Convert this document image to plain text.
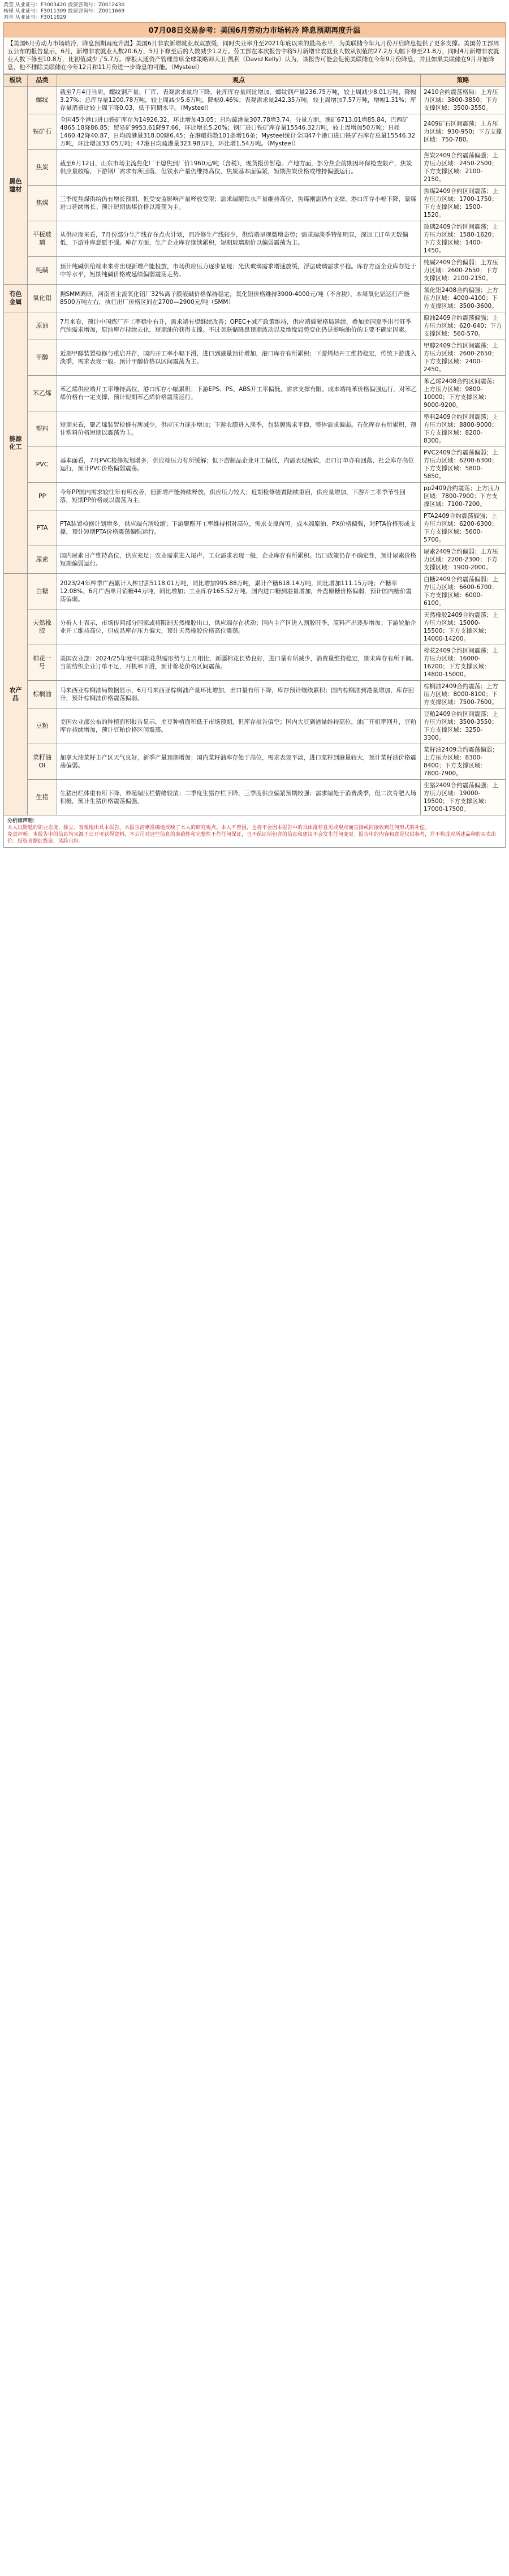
黄莹 从业证号：F3003420 投资咨询号：Z0012430
杨锋 从业证号：F3011309 投资咨询号：Z0011669
刘青 从业证号：F3011929
07月08日交易参考：美国6月劳动力市场转冷 降息预期再度升温
【美国6月劳动力市场转冷，降息预期再度升温】美国6月非农新增就业双双放缓，同时失业率升至2021年底以来的最高水平，为美联储今年九月份开启降息提供了更多支撑。美国劳工部周五公布的报告显示，6月，新增非农就业人数20.6万，5月下修至后的人数减少1.2万。劳工部在本次报告中将5月新增非农就业人数从初值的27.2万大幅下修至21.8万，同时4月新增非农就业人数下修至10.8万，比初值减少了5.7万。摩根大通资产管理首席全球策略师大卫·凯利（David Kelly）认为，该报告可能会促使美联储在今年9月份降息，并且如果美联储在9月开始降息，他不排除美联储在今年12月和11月份进一步降息的可能。（Mysteel）
板块	品类	观点	策略
黑色建材	螺纹	截至7月4日当周，螺纹钢产量、厂库、表观需求量均下降，社库库存量同比增加，螺纹钢产量236.75万吨，较上周减少8.01万吨，降幅3.27%；总库存量1200.78万吨，较上周减少5.6万吨，降幅0.46%；表观需求量242.35万吨，较上周增加7.57万吨，增幅1.31%；库存量消费比较上周下降0.03，低于同期水平。（Mysteel）	2410合约震荡格局；上方压力区域：3800-3850；下方支撑区域：3500-3550。
	铁矿石	全国45个港口进口铁矿库存为14926.32，环比增加43.05；日均疏港量307.78增3.74。分量方面，澳矿6713.01增85.84，巴西矿4865.18降86.85；贸易矿9953.61降97.66，环比增长5.20%；钢厂进口铁矿库存量15546.32万吨，较上周增加50万吨；日耗1460.42降40.87，日均疏港量318.00降6.45；在港船舶数101条增16条；Mysteel统计全国47个港口进口铁矿石库存总量15546.32万吨，环比增加33.05万吨；47港日均疏港量323.98万吨，环比增1.54万吨。（Mysteel）	2409矿石区间震荡；上方压力区域：930-950；下方支撑区域：750-780。
	焦炭	截至6月12日，山东市场主流焦化厂干熄焦到厂价1960元/吨（含税），现货报价暂稳。产地方面，部分焦企前期因环保检查限产，焦炭供应量收缩，下游钢厂需求有所回落，但铁水产量仍维持高位，焦炭基本面偏紧，短期焦炭价格或维持偏强运行。	焦炭2409合约震荡偏强；上方压力区域：2450-2500；下方支撑区域：2100-2150。
	焦煤	三季度焦煤供给仍有增长预期，但受安监影响产量释放受限；需求端随铁水产量维持高位，焦煤刚需仍有支撑。港口库存小幅下降，蒙煤进口延续增长。预计短期焦煤价格以震荡为主。	焦煤2409合约区间震荡；上方压力区域：1700-1750；下方支撑区域：1500-1520。
	平板玻璃	从供应面来看，7月份部分生产线存在点火计划，而冷修生产线较少，供给端呈现微增态势；需求端淡季特征明显，深加工订单天数偏低，下游补库意愿不强。库存方面，生产企业库存继续累积，短期玻璃期价以偏弱震荡为主。	玻璃2409合约区间震荡；上方压力区域：1580-1620；下方支撑区域：1400-1450。
	纯碱	预计纯碱供给端未来将出现新增产能投放，市场供应压力逐步显现；光伏玻璃需求增速放缓，浮法玻璃需求平稳。库存方面企业库存处于中等水平，短期纯碱价格或延续偏弱震荡走势。	纯碱2409合约偏弱；上方压力区域：2600-2650；下方支撑区域：2100-2150。
有色金属	氧化铝	据SMM调研，河南省主流氧化铝厂32%离子膜液碱价格保持稳定，氧化铝价格维持3900-4000元/吨（不含税），本周氧化铝运行产能8500万吨左右，执行出厂价格区间在2700—2900元/吨（SMM）	氧化铝2408合约偏强；上方压力区域：4000-4100；下方支撑区域：3500-3600。
能源化工	原油	7月来看，预计中国炼厂开工率稳中有升，需求端有望继续改善；OPEC+减产政策维持，供应端偏紧格局延续，叠加美国夏季出行旺季汽油需求增加，原油库存持续去化，短期油价获得支撑。不过美联储降息预期波动以及地缘局势变化仍是影响油价的主要不确定因素。	原油2409合约震荡偏强；上方压力区域：620-640；下方支撑区域：560-570。
	甲醇	近期甲醇装置检修与重启并存，国内开工率小幅下滑，进口到港量预计增加，港口库存有所累积；下游烯烃开工维持稳定，传统下游进入淡季，需求表现一般。预计甲醇价格以区间震荡为主。	甲醇2409合约区间震荡；上方压力区域：2600-2650；下方支撑区域：2400-2450。
	苯乙烯	苯乙烯供应端开工率维持高位，港口库存小幅累积；下游EPS、PS、ABS开工率偏低，需求支撑有限。成本端纯苯价格偏强运行，对苯乙烯价格有一定支撑，预计短期苯乙烯价格震荡运行。	苯乙烯2408合约区间震荡；上方压力区域：9800-10000；下方支撑区域：9000-9200。
	塑料	短期来看，聚乙烯装置检修有所减少，供应压力逐步增加；下游农膜进入淡季，包装膜需求平稳，整体需求偏弱。石化库存有所累积，预计塑料价格短期以震荡为主。	塑料2409合约区间震荡；上方压力区域：8800-9000；下方支撑区域：8200-8300。
	PVC	基本面看，7月PVC检修规划增多，供应端压力有所缓解；但下游制品企业开工偏低，内需表现疲软，出口订单亦有回落，社会库存高位运行，预计PVC价格偏弱震荡。	PVC2409合约震荡偏弱；上方压力区域：6200-6300；下方支撑区域：5800-5850。
	PP	今年PP国内需求较往年有所改善，但新增产能持续释放，供应压力较大；近期检修装置陆续重启，供应量增加，下游开工率季节性回落，短期PP价格或以震荡为主。	pp2409合约震荡；上方压力区域：7800-7900；下方支撑区域：7100-7200。
	PTA	PTA装置检修计划增多，供应端有所收缩；下游聚酯开工率维持相对高位，需求支撑尚可。成本端原油、PX价格偏强，对PTA价格形成支撑，预计短期PTA价格震荡偏强运行。	PTA2409合约震荡偏强；上方压力区域：6200-6300；下方支撑区域：5600-5700。
	尿素	国内尿素日产维持高位，供应充足；农业需求进入尾声，工业需求表现一般，企业库存有所累积。出口政策仍存不确定性，预计尿素价格短期偏弱运行。	尿素2409合约偏弱；上方压力区域：2200-2300；下方支撑区域：1900-2000。
农产品	白糖	2023/24年榨季广西累计入榨甘蔗5118.01万吨，同比增加995.88万吨，累计产糖618.14万吨，同比增加111.15万吨；产糖率12.08%。6月广西单月销糖44万吨，同比增加；工业库存165.52万吨。国内进口糖到港量增加，外盘原糖价格偏弱，预计国内糖价震荡偏弱。	白糖2409合约震荡偏弱；上方压力区域：6600-6700；下方支撑区域：6000-6100。
	天然橡胶	分析人士表示，市场传闻部分国家或将限制天然橡胶出口，供应端存在扰动；国内主产区进入割胶旺季，原料产出逐步增加；下游轮胎企业开工维持高位，但成品库存压力偏大，预计天然橡胶价格高位震荡。	天然橡胶2409合约震荡；上方压力区域：15000-15500；下方支撑区域：14000-14200。
	棉花一号	美国农业部：2024/25年度中国棉花供需形势与上月相比，新疆棉花长势良好，进口量有所减少，消费量维持稳定，期末库存有所下调。当前纺织企业订单不足，开机率下滑，预计棉花价格区间震荡。	棉花2409合约区间震荡；上方压力区域：16000-16200；下方支撑区域：14800-15000。
	棕榈油	马来西亚棕榈油局数据显示，6月马来西亚棕榈油产量环比增加，出口量有所下降，库存预计继续累积；国内棕榈油到港量增加，库存回升，预计棕榈油价格震荡偏弱。	棕榈油2409合约震荡；上方压力区域：8000-8100；下方支撑区域：7500-7600。
	豆粕	美国农业部公布的种植面积报告显示，美豆种植面积低于市场预期，但库存报告偏空；国内大豆到港量维持高位，油厂开机率回升，豆粕库存持续增加，预计豆粕价格区间震荡。	豆粕2409合约区间震荡；上方压力区域：3500-3550；下方支撑区域：3250-3300。
	菜籽油OI	加拿大油菜籽主产区天气良好，新季产量预期增加；国内菜籽油库存处于高位，需求表现平淡，进口菜籽到港量较大，预计菜籽油价格震荡偏弱。	菜籽油2409合约震荡偏弱；上方压力区域：8300-8400；下方支撑区域：7800-7900。
	生猪	生猪出栏体重有所下降，养殖端压栏情绪较浓；二季度生猪存栏下降，三季度供应偏紧预期较强；需求端处于消费淡季，但二次育肥入场积极，预计生猪价格震荡偏强。	生猪2409合约震荡偏强；上方压力区域：19000-19500；下方支撑区域：17000-17500。
分析师声明：
本人以勤勉的职业态度，独立、客观地出具本报告。本报告清晰准确地反映了本人的研究观点。本人不曾因，也将不会因本报告中的具体推荐意见或观点而直接或间接收到任何形式的补偿。
免责声明：本报告中的信息均来源于公开可获得资料，本公司对这些信息的准确性和完整性不作任何保证，也不保证所包含的信息和建议不会发生任何变更。报告中的内容和意见仅供参考，并不构成对所述品种的买卖出价。投资者据此投资，风险自担。
